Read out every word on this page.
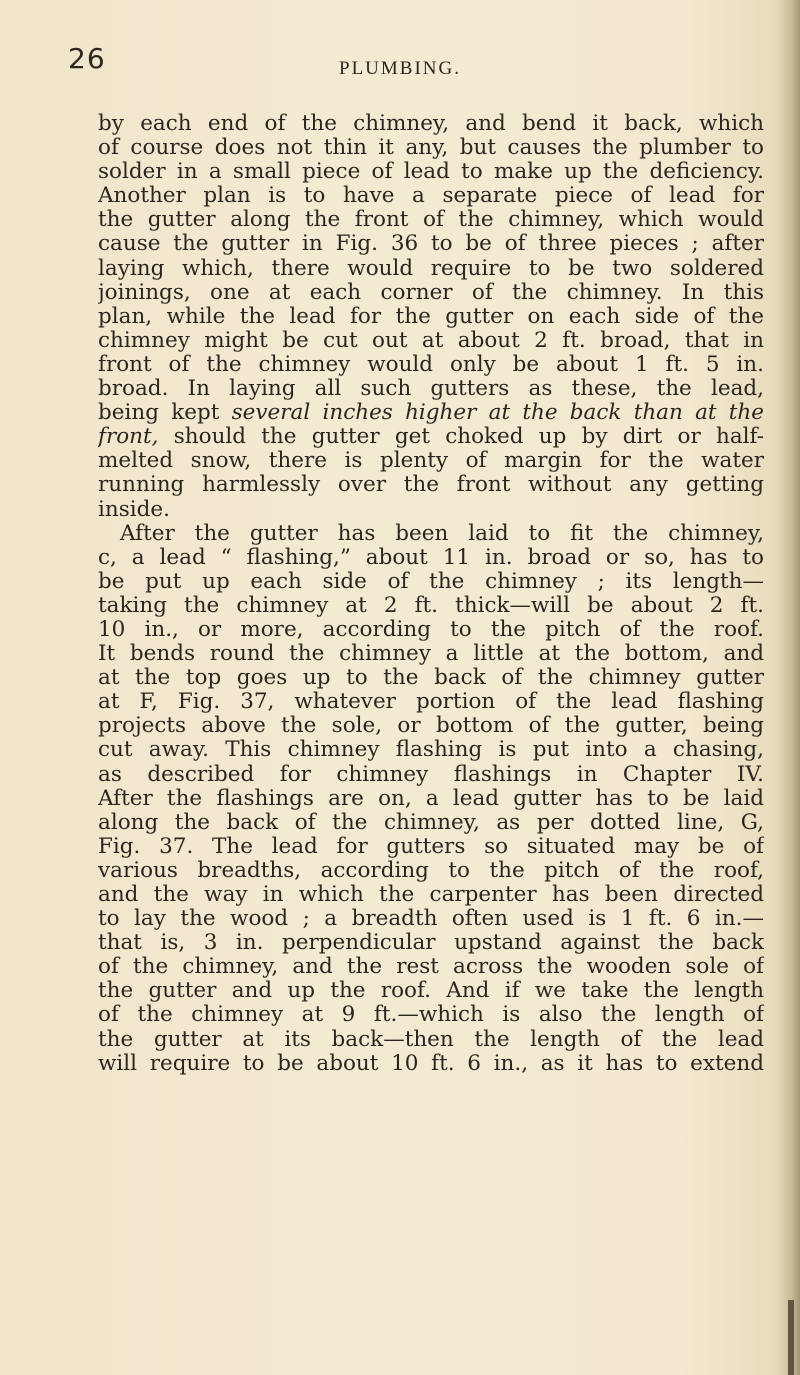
26	PLUMBING.
by each end of the chimney, and bend it back, which
of course does not thin it any, but causes the plumber to
solder in a small piece of lead to make up the deficiency.
Another plan is to have a separate piece of lead for
the gutter along the front of the chimney, which would
cause the gutter in Fig. 36 to be of three pieces ; after
laying which, there would require to be two soldered
joinings, one at each corner of the chimney. In this
plan, while the lead for the gutter on each side of the
chimney might be cut out at about 2 ft. broad, that in
front of the chimney would only be about 1 ft. 5 in.
broad. In laying all such gutters as these, the lead,
being kept several inches higher at the back than at the
front, should the gutter get choked up by dirt or half-
melted snow, there is plenty of margin for the water
running harmlessly over the front without any getting
inside.
After the gutter has been laid to fit the chimney,
c, a lead “ flashing,” about 11 in. broad or so, has to
be put up each side of the chimney ; its length—
taking the chimney at 2 ft. thick—will be about 2 ft.
10 in., or more, according to the pitch of the roof.
It bends round the chimney a little at the bottom, and
at the top goes up to the back of the chimney gutter
at F, Fig. 37, whatever portion of the lead flashing
projects above the sole, or bottom of the gutter, being
cut away. This chimney flashing is put into a chasing,
as described for chimney flashings in Chapter IV.
After the flashings are on, a lead gutter has to be laid
along the back of the chimney, as per dotted line, G,
Fig. 37. The lead for gutters so situated may be of
various breadths, according to the pitch of the roof,
and the way in which the carpenter has been directed
to lay the wood ; a breadth often used is 1 ft. 6 in.—
that is, 3 in. perpendicular upstand against the back
of the chimney, and the rest across the wooden sole of
the gutter and up the roof. And if we take the length
of the chimney at 9 ft.—which is also the length of
the gutter at its back—then the length of the lead
will require to be about 10 ft. 6 in., as it has to extend
